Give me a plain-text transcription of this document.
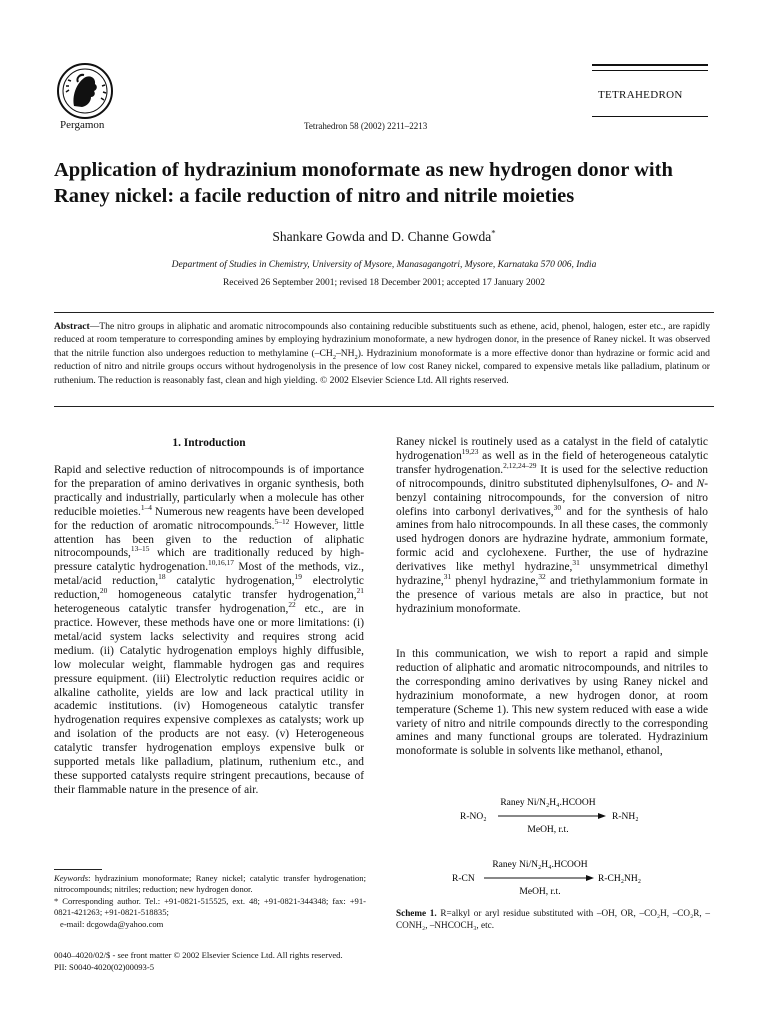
Pergamon	Tetrahedron 58 (2002) 2211–2213
TETRAHEDRON
Application of hydrazinium monoformate as new hydrogen donor with Raney nickel: a facile reduction of nitro and nitrile moieties
Shankare Gowda and D. Channe Gowda*
Department of Studies in Chemistry, University of Mysore, Manasagangotri, Mysore, Karnataka 570 006, India
Received 26 September 2001; revised 18 December 2001; accepted 17 January 2002
Abstract—The nitro groups in aliphatic and aromatic nitrocompounds also containing reducible substituents such as ethene, acid, phenol, halogen, ester etc., are rapidly reduced at room temperature to corresponding amines by employing hydrazinium monoformate, a new hydrogen donor, in the presence of Raney nickel. It was observed that the nitrile function also undergoes reduction to methylamine $(-CH_2-NH_2)$. Hydrazinium monoformate is a more effective donor than hydrazine or formic acid and reduction of nitro and nitrile groups occurs without hydrogenolysis in the presence of low cost Raney nickel, compared to expensive metals like palladium, platinum or ruthenium. The reduction is reasonably fast, clean and high yielding. © 2002 Elsevier Science Ltd. All rights reserved.
1. Introduction

Rapid and selective reduction of nitrocompounds is of importance for the preparation of amino derivatives in organic synthesis, both practically and industrially, particularly when a molecule has other reducible moieties.$^{1-4}$ Numerous new reagents have been developed for the reduction of aromatic nitrocompounds.$^{5-12}$ However, little attention has been given to the reduction of aliphatic nitrocompounds,$^{13-15}$ which are traditionally reduced by high-pressure catalytic hydrogenation.$^{10,16,17}$ Most of the methods, viz., metal/acid reduction,$^{18}$ catalytic hydrogenation,$^{19}$ electrolytic reduction,$^{20}$ homogeneous catalytic transfer hydrogenation,$^{21}$ heterogeneous catalytic transfer hydrogenation,$^{22}$ etc., are in practice. However, these methods have one or more limitations: (i) metal/acid system lacks selectivity and requires strong acid medium. (ii) Catalytic hydrogenation employs highly diffusible, low molecular weight, flammable hydrogen gas and requires pressure equipment. (iii) Electrolytic reduction requires acidic or alkaline catholite, yields are low and lack practical utility in academic institutions. (iv) Homogeneous catalytic transfer hydrogenation requires expensive complexes as catalysts; work up and isolation of the products are not easy. (v) Heterogeneous catalytic transfer hydrogenation employs expensive bulk or supported metals like palladium, platinum, ruthenium etc., and these supported catalysts require stringent precautions, because of their flammable nature in the presence of air.

Keywords: hydrazinium monoformate; Raney nickel; catalytic transfer hydrogenation; nitrocompounds; nitriles; reduction; new hydrogen donor.
* Corresponding author. Tel.: +91-0821-515525, ext. 48; +91-0821-344348; fax: +91-0821-421263; +91-0821-518835;
e-mail: dcgowda@yahoo.com
0040–4020/02/$ - see front matter © 2002 Elsevier Science Ltd. All rights reserved.
PII: S0040-4020(02)00093-5

Raney nickel is routinely used as a catalyst in the field of catalytic hydrogenation$^{19,23}$ as well as in the field of heterogeneous catalytic transfer hydrogenation.$^{2,12,24-29}$ It is used for the selective reduction of nitrocompounds, dinitro substituted diphenylsulfones, O- and N- benzyl containing nitrocompounds, for the conversion of nitro olefins into carbonyl derivatives,$^{30}$ and for the synthesis of halo amines from halo nitrocompounds. In all these cases, the commonly used hydrogen donors are hydrazine hydrate, ammonium formate, formic acid and cyclohexene. Further, the use of hydrazine derivatives like methyl hydrazine,$^{31}$ unsymmetrical dimethyl hydrazine,$^{31}$ phenyl hydrazine,$^{32}$ and triethylammonium formate in the presence of various metals are also in practice, but not hydrazinium monoformate.

In this communication, we wish to report a rapid and simple reduction of aliphatic and aromatic nitrocompounds, and nitriles to the corresponding amino derivatives by using Raney nickel and hydrazinium monoformate, a new hydrogen donor, at room temperature (Scheme 1). This new system reduced with ease a wide variety of nitro and nitrile compounds directly to the corresponding amines and many functional groups are tolerated. Hydrazinium monoformate is soluble in solvents like methanol, ethanol,

Raney Ni/N₂H₄.HCOOH
R-NO₂	R-NH₂
MeOH, r.t.
Raney Ni/N₂H₄.HCOOH
R-CN	R-CH₂NH₂
MeOH, r.t.
Scheme 1. R=alkyl or aryl residue substituted with –OH, OR, –CO₂H, –CO₂R, –CONH₂, –NHCOCH₃, etc.
